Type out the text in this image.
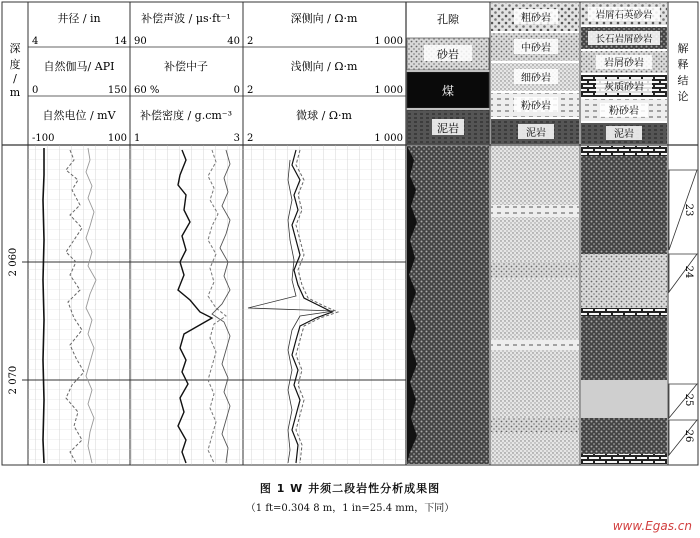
深
度
/
m
井径 / in
4	14
自然伽马/ API
0	150
自然电位 / mV
-100	100
补偿声波 / μs·ft⁻¹
90	40
补偿中子
60 %	0
补偿密度 / g.cm⁻³
1	3
深侧向 / Ω·m
2	1 000
浅侧向 / Ω·m
2	1 000
微球 / Ω·m
2	1 000
孔隙
砂岩
煤
泥岩
粗砂岩
中砂岩
细砂岩
粉砂岩
泥岩
岩屑石英砂岩
长石岩屑砂岩
岩屑砂岩
灰质砂岩
粉砂岩
泥岩
解
释
结
论
2 060
2 070
23
24
25
26
图 1 W 井须二段岩性分析成果图
（1 ft=0.304 8 m，1 in=25.4 mm，下同）
www.Egas.cn
